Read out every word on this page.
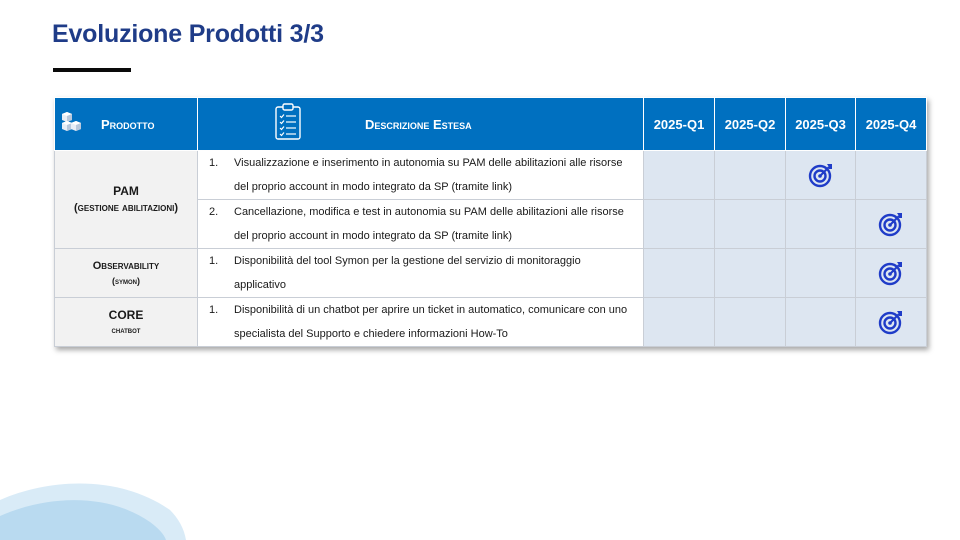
Evoluzione Prodotti 3/3
Prodotto	Descrizione Estesa	2025-Q1	2025-Q2	2025-Q3	2025-Q4

PAM
(gestione abilitazioni)	1. Visualizzazione e inserimento in autonomia su PAM delle abilitazioni alle risorse del proprio account in modo integrato da SP (tramite link)

	2. Cancellazione, modifica e test in autonomia su PAM delle abilitazioni alle risorse del proprio account in modo integrato da SP (tramite link)

Observability
(symon)	1. Disponibilità del tool Symon per la gestione del servizio di monitoraggio applicativo

CORE
chatbot	1. Disponibilità di un chatbot per aprire un ticket in automatico, comunicare con uno specialista del Supporto e chiedere informazioni How-To
